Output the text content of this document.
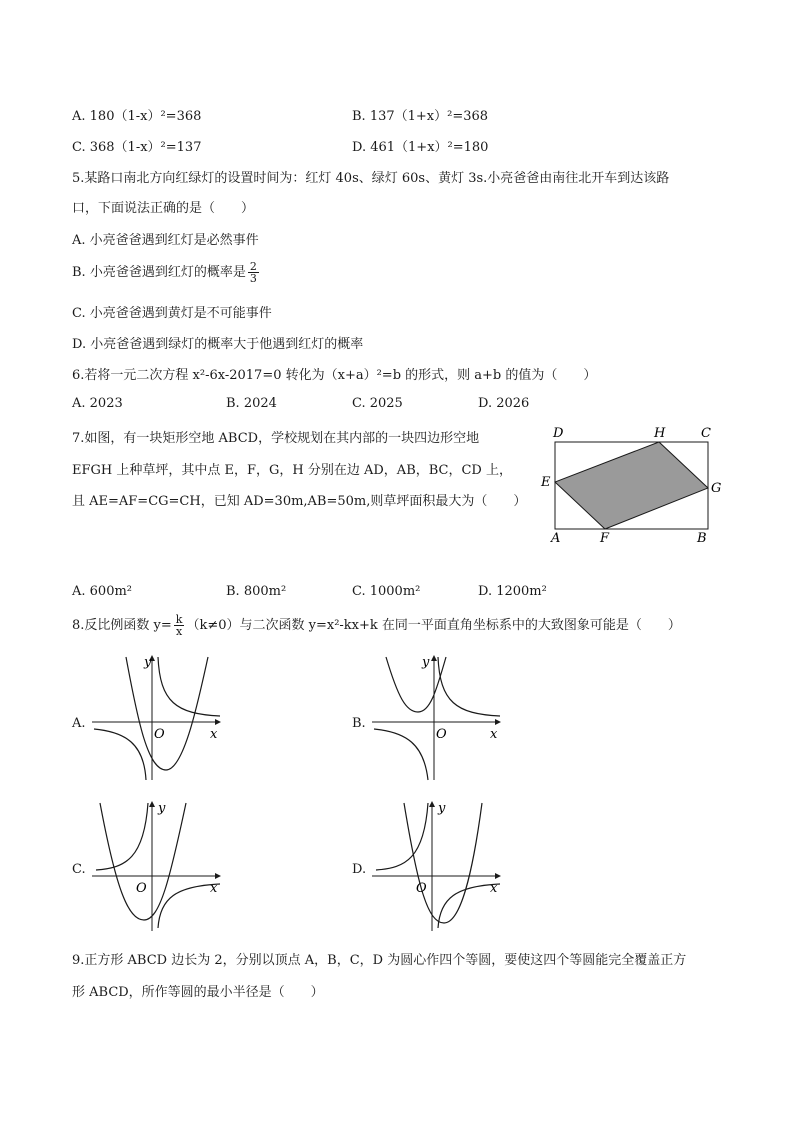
A. 180（1-x）²=368	B. 137（1+x）²=368
C. 368（1-x）²=137	D. 461（1+x）²=180
5.某路口南北方向红绿灯的设置时间为：红灯 40s、绿灯 60s、黄灯 3s.小亮爸爸由南往北开车到达该路
口，下面说法正确的是（　　）
A. 小亮爸爸遇到红灯是必然事件
B. 小亮爸爸遇到红灯的概率是 $\frac{2}{3}$
C. 小亮爸爸遇到黄灯是不可能事件
D. 小亮爸爸遇到绿灯的概率大于他遇到红灯的概率
6.若将一元二次方程 x²-6x-2017=0 转化为（x+a）²=b 的形式，则 a+b 的值为（　　）
A. 2023	B. 2024	C. 2025	D. 2026
7.如图，有一块矩形空地 ABCD，学校规划在其内部的一块四边形空地
EFGH 上种草坪，其中点 E，F，G，H 分别在边 AD，AB，BC，CD 上，
且 AE=AF=CG=CH，已知 AD=30m,AB=50m,则草坪面积最大为（　　）
D	H	C
E	G
A	F	B
A. 600m²	B. 800m²	C. 1000m²	D. 1200m²
8.反比例函数 $y= \frac{k}{x} (k\ne 0)$与二次函数 y=x²-kx+k 在同一平面直角坐标系中的大致图象可能是（　　）
A.
y
x
O
B.
y
x
O
C.
y
x
O
D.
y
x
O
9.正方形 ABCD 边长为 2，分别以顶点 A，B，C，D 为圆心作四个等圆，要使这四个等圆能完全覆盖正方
形 ABCD，所作等圆的最小半径是（　　）
